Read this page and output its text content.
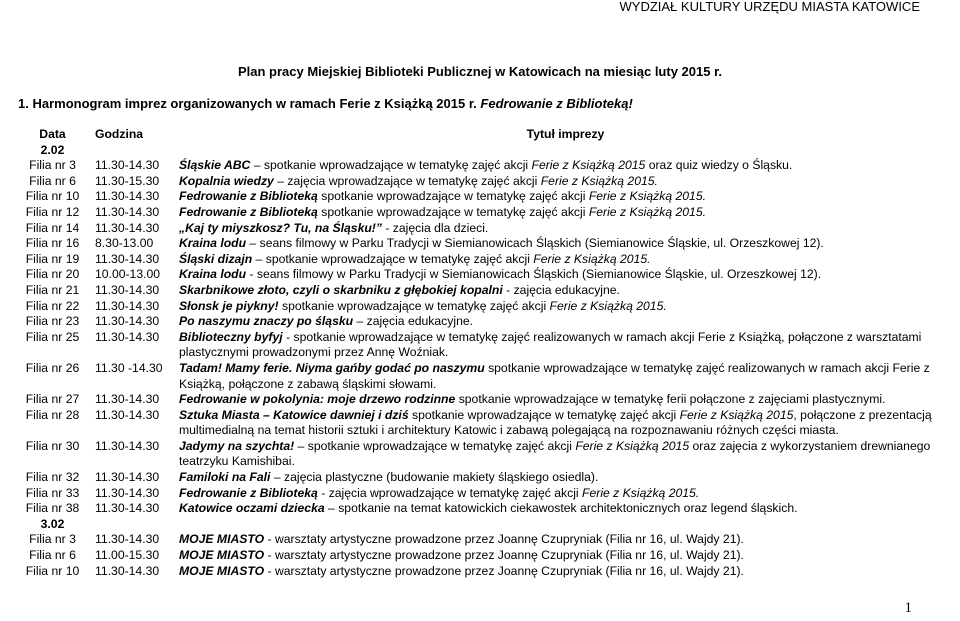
WYDZIAŁ KULTURY URZĘDU MIASTA KATOWICE
Plan pracy Miejskiej Biblioteki Publicznej w Katowicach na miesiąc luty 2015 r.
1. Harmonogram imprez organizowanych w ramach Ferie z Książką 2015 r. Fedrowanie z Biblioteką!
Data	Godzina	Tytuł imprezy
2.02		
Filia nr 3	11.30-14.30	Śląskie ABC – spotkanie wprowadzające w tematykę zajęć akcji Ferie z Książką 2015 oraz quiz wiedzy o Śląsku.
Filia nr 6	11.30-15.30	Kopalnia wiedzy – zajęcia wprowadzające w tematykę zajęć akcji Ferie z Książką 2015.
Filia nr 10	11.30-14.30	Fedrowanie z Biblioteką spotkanie wprowadzające w tematykę zajęć akcji Ferie z Książką 2015.
Filia nr 12	11.30-14.30	Fedrowanie z Biblioteką spotkanie wprowadzające w tematykę zajęć akcji Ferie z Książką 2015.
Filia nr 14	11.30-14.30	„Kaj ty miyszkosz? Tu, na Śląsku!” - zajęcia dla dzieci.
Filia nr 16	8.30-13.00	Kraina lodu – seans filmowy w Parku Tradycji w Siemianowicach Śląskich (Siemianowice Śląskie, ul. Orzeszkowej 12).
Filia nr 19	11.30-14.30	Śląski dizajn – spotkanie wprowadzające w tematykę zajęć akcji Ferie z Książką 2015.
Filia nr 20	10.00-13.00	Kraina lodu - seans filmowy w Parku Tradycji w Siemianowicach Śląskich (Siemianowice Śląskie, ul. Orzeszkowej 12).
Filia nr 21	11.30-14.30	Skarbnikowe złoto, czyli o skarbniku z głębokiej kopalni - zajęcia edukacyjne.
Filia nr 22	11.30-14.30	Słonsk je piykny! spotkanie wprowadzające w tematykę zajęć akcji Ferie z Książką 2015.
Filia nr 23	11.30-14.30	Po naszymu znaczy po śląsku – zajęcia edukacyjne.
Filia nr 25	11.30-14.30	Biblioteczny byfyj - spotkanie wprowadzające w tematykę zajęć realizowanych w ramach akcji Ferie z Książką, połączone z warsztatami plastycznymi prowadzonymi przez Annę Woźniak.
Filia nr 26	11.30 -14.30	Tadam! Mamy ferie. Niyma gańby godać po naszymu spotkanie wprowadzające w tematykę zajęć realizowanych w ramach akcji Ferie z Książką, połączone z zabawą śląskimi słowami.
Filia nr 27	11.30-14.30	Fedrowanie w pokolynia: moje drzewo rodzinne spotkanie wprowadzające w tematykę ferii połączone z zajęciami plastycznymi.
Filia nr 28	11.30-14.30	Sztuka Miasta – Katowice dawniej i dziś spotkanie wprowadzające w tematykę zajęć akcji Ferie z Książką 2015, połączone z prezentacją multimedialną na temat historii sztuki i architektury Katowic i zabawą polegającą na rozpoznawaniu różnych części miasta.
Filia nr 30	11.30-14.30	Jadymy na szychta! – spotkanie wprowadzające w tematykę zajęć akcji Ferie z Książką 2015 oraz zajęcia z wykorzystaniem drewnianego teatrzyku Kamishibai.
Filia nr 32	11.30-14.30	Familoki na Fali – zajęcia plastyczne (budowanie makiety śląskiego osiedla).
Filia nr 33	11.30-14.30	Fedrowanie z Biblioteką - zajęcia wprowadzające w tematykę zajęć akcji Ferie z Książką 2015.
Filia nr 38	11.30-14.30	Katowice oczami dziecka – spotkanie na temat katowickich ciekawostek architektonicznych oraz legend śląskich.
3.02		
Filia nr 3	11.30-14.30	MOJE MIASTO - warsztaty artystyczne prowadzone przez Joannę Czupryniak (Filia nr 16, ul. Wajdy 21).
Filia nr 6	11.00-15.30	MOJE MIASTO - warsztaty artystyczne prowadzone przez Joannę Czupryniak (Filia nr 16, ul. Wajdy 21).
Filia nr 10	11.30-14.30	MOJE MIASTO - warsztaty artystyczne prowadzone przez Joannę Czupryniak (Filia nr 16, ul. Wajdy 21).
1
